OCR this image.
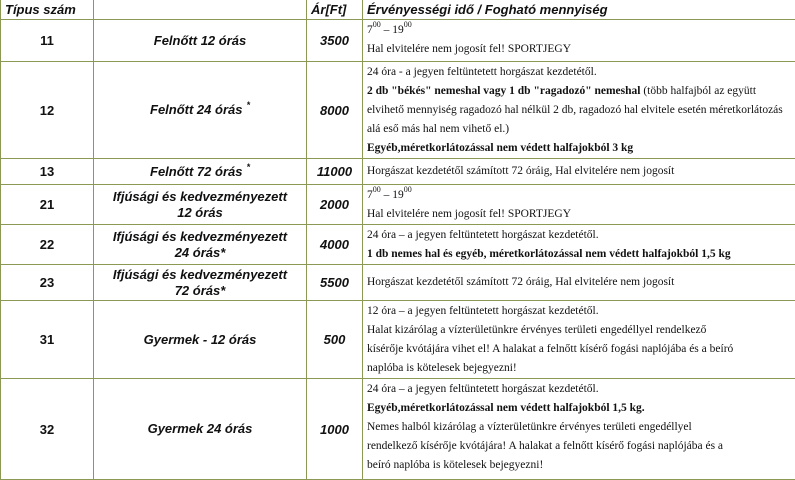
Típus szám		Ár[Ft]	Érvényességi idő / Fogható mennyiség
11	Felnőtt 12 órás	3500	$7^{00} - 19^{00}$
Hal elvitelére nem jogosít fel! SPORTJEGY

12	Felnőtt 24 órás *	8000	24 óra - a jegyen feltüntetett horgászat kezdetétől.
2 db "békés" nemeshal vagy 1 db "ragadozó" nemeshal (több halfajból az együtt elvihető mennyiség ragadozó hal nélkül 2 db, ragadozó hal elvitele esetén méretkorlátozás alá eső más hal nem vihető el.)
Egyéb,méretkorlátozással nem védett halfajokból 3 kg

13	Felnőtt 72 órás *	11000	Horgászat kezdetétől számított 72 óráig, Hal elvitelére nem jogosít

21	Ifjúsági és kedvezményezett
12 órás	2000	$7^{00} - 19^{00}$
Hal elvitelére nem jogosít fel! SPORTJEGY

22	Ifjúsági és kedvezményezett
24 órás*	4000	24 óra – a jegyen feltüntetett horgászat kezdetétől.
1 db nemes hal és egyéb, méretkorlátozással nem védett halfajokból 1,5 kg

23	Ifjúsági és kedvezményezett
72 órás*	5500	Horgászat kezdetétől számított 72 óráig, Hal elvitelére nem jogosít

31	Gyermek - 12 órás	500	12 óra – a jegyen feltüntetett horgászat kezdetétől.
Halat kizárólag a vízterületünkre érvényes területi engedéllyel rendelkező
kísérője kvótájára vihet el! A halakat a felnőtt kísérő fogási naplójába és a beíró
naplóba is kötelesek bejegyezni!

32	Gyermek 24 órás	1000	24 óra – a jegyen feltüntetett horgászat kezdetétől.
Egyéb,méretkorlátozással nem védett halfajokból 1,5 kg.
Nemes halból kizárólag a vízterületünkre érvényes területi engedéllyel
rendelkező kísérője kvótájára! A halakat a felnőtt kísérő fogási naplójába és a
beíró naplóba is kötelesek bejegyezni!
